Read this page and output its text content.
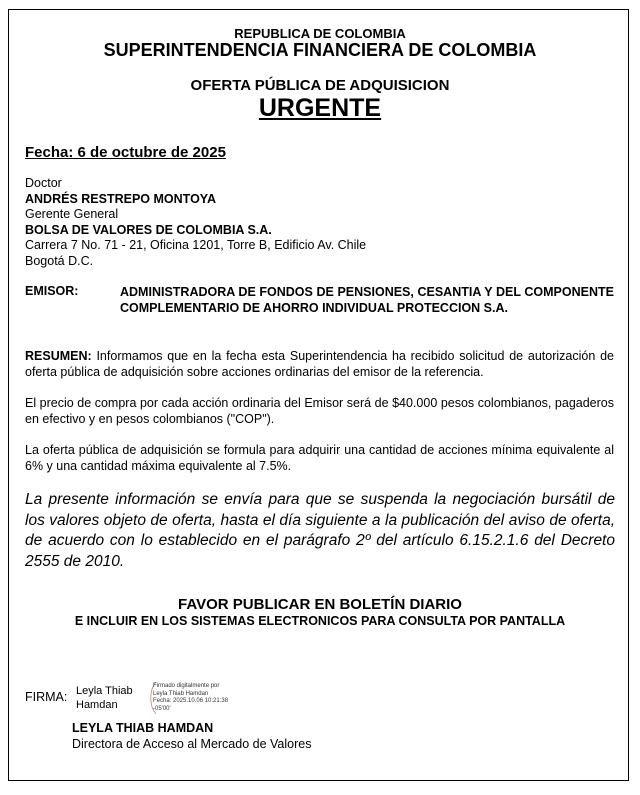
REPUBLICA DE COLOMBIA
SUPERINTENDENCIA FINANCIERA DE COLOMBIA
OFERTA PÚBLICA DE ADQUISICION
URGENTE
Fecha: 6 de octubre de 2025
Doctor
ANDRÉS RESTREPO MONTOYA
Gerente General
BOLSA DE VALORES DE COLOMBIA S.A.
Carrera 7 No. 71 - 21, Oficina 1201, Torre B, Edificio Av. Chile
Bogotá D.C.
EMISOR:	ADMINISTRADORA DE FONDOS DE PENSIONES, CESANTIA Y DEL COMPONENTE COMPLEMENTARIO DE AHORRO INDIVIDUAL PROTECCION S.A.
RESUMEN: Informamos que en la fecha esta Superintendencia ha recibido solicitud de autorización de oferta pública de adquisición sobre acciones ordinarias del emisor de la referencia.
El precio de compra por cada acción ordinaria del Emisor será de $40.000 pesos colombianos, pagaderos en efectivo y en pesos colombianos ("COP").
La oferta pública de adquisición se formula para adquirir una cantidad de acciones mínima equivalente al 6% y una cantidad máxima equivalente al 7.5%.
La presente información se envía para que se suspenda la negociación bursátil de los valores objeto de oferta, hasta el día siguiente a la publicación del aviso de oferta, de acuerdo con lo establecido en el parágrafo 2º del artículo 6.15.2.1.6 del Decreto 2555 de 2010.
FAVOR PUBLICAR EN BOLETÍN DIARIO
E INCLUIR EN LOS SISTEMAS ELECTRONICOS PARA CONSULTA POR PANTALLA
FIRMA: Leyla Thiab
Hamdan
Firmado digitalmente por
Leyla Thiab Hamdan
Fecha: 2025.10.06 10:21:38
-05'00'
LEYLA THIAB HAMDAN
Directora de Acceso al Mercado de Valores
